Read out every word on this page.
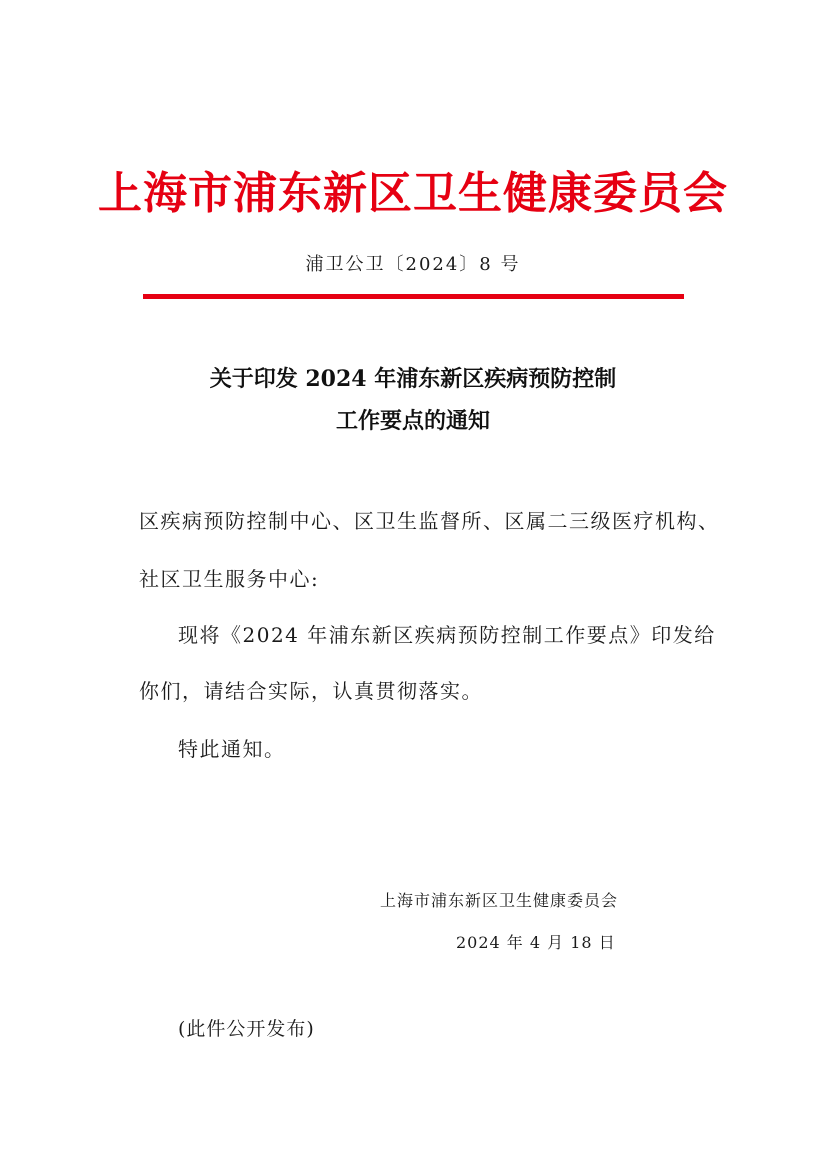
上海市浦东新区卫生健康委员会
浦卫公卫〔2024〕8 号
关于印发 2024 年浦东新区疾病预防控制
工作要点的通知
区疾病预防控制中心、区卫生监督所、区属二三级医疗机构、
社区卫生服务中心:
现将《2024 年浦东新区疾病预防控制工作要点》印发给
你们，请结合实际，认真贯彻落实。
特此通知。
上海市浦东新区卫生健康委员会
2024 年 4 月 18 日
(此件公开发布)
